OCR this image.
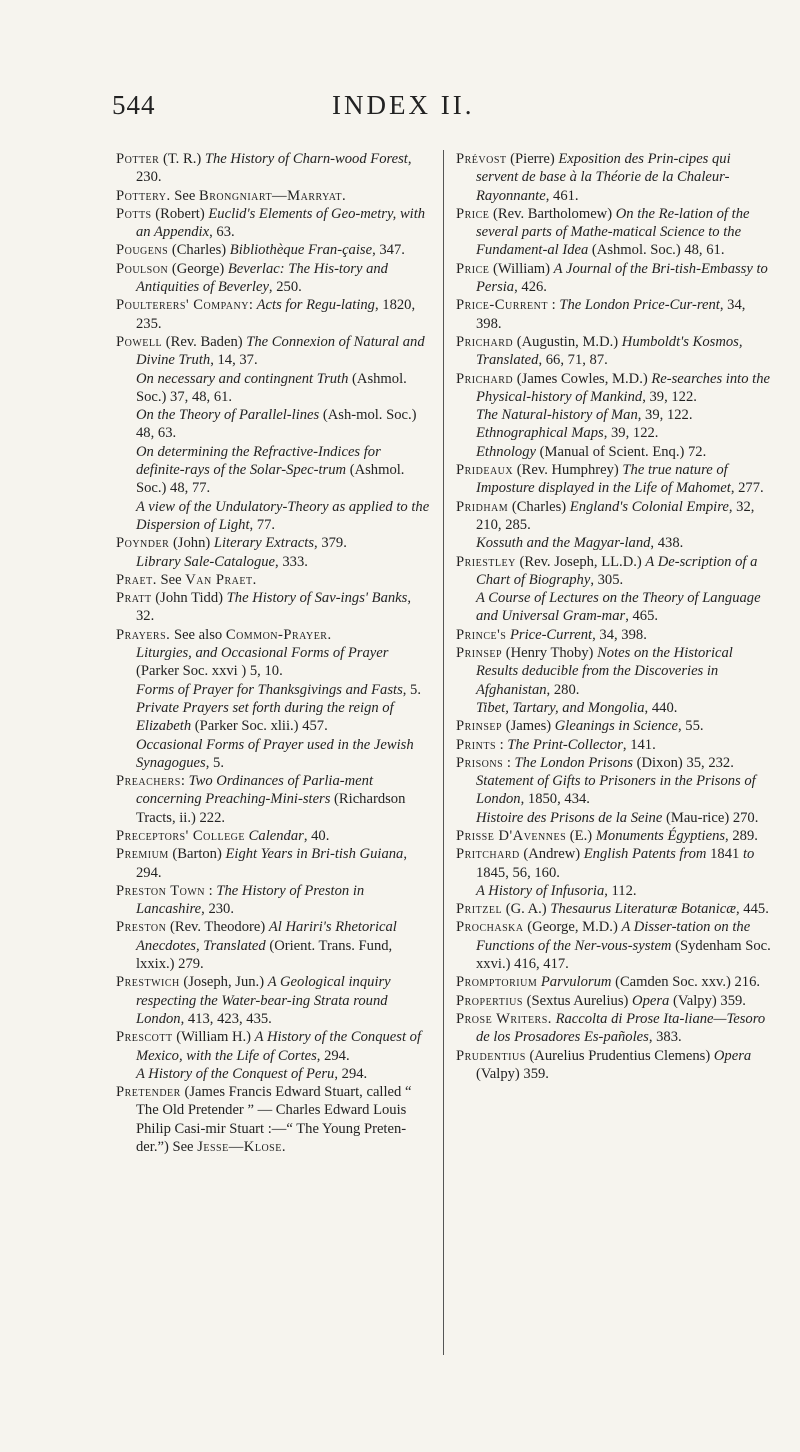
544	INDEX II.

Potter (T. R.) The History of Charn-wood Forest, 230.

Pottery. See Brongniart—Marryat.

Potts (Robert) Euclid's Elements of Geo-metry, with an Appendix, 63.

Pougens (Charles) Bibliothèque Fran-çaise, 347.

Poulson (George) Beverlac: The His-tory and Antiquities of Beverley, 250.

Poulterers' Company: Acts for Regu-lating, 1820, 235.

Powell (Rev. Baden) The Connexion of Natural and Divine Truth, 14, 37.

On necessary and contingnent Truth (Ashmol. Soc.) 37, 48, 61.

On the Theory of Parallel-lines (Ash-mol. Soc.) 48, 63.

On determining the Refractive-Indices for definite-rays of the Solar-Spec-trum (Ashmol. Soc.) 48, 77.

A view of the Undulatory-Theory as applied to the Dispersion of Light, 77.

Poynder (John) Literary Extracts, 379.

Library Sale-Catalogue, 333.

Praet. See Van Praet.

Pratt (John Tidd) The History of Sav-ings' Banks, 32.

Prayers. See also Common-Prayer.

Liturgies, and Occasional Forms of Prayer (Parker Soc. xxvi ) 5, 10.

Forms of Prayer for Thanksgivings and Fasts, 5.

Private Prayers set forth during the reign of Elizabeth (Parker Soc. xlii.) 457.

Occasional Forms of Prayer used in the Jewish Synagogues, 5.

Preachers: Two Ordinances of Parlia-ment concerning Preaching-Mini-sters (Richardson Tracts, ii.) 222.

Preceptors' College Calendar, 40.

Premium (Barton) Eight Years in Bri-tish Guiana, 294.

Preston Town : The History of Preston in Lancashire, 230.

Preston (Rev. Theodore) Al Hariri's Rhetorical Anecdotes, Translated (Orient. Trans. Fund, lxxix.) 279.

Prestwich (Joseph, Jun.) A Geological inquiry respecting the Water-bear-ing Strata round London, 413, 423, 435.

Prescott (William H.) A History of the Conquest of Mexico, with the Life of Cortes, 294.

A History of the Conquest of Peru, 294.

Pretender (James Francis Edward Stuart, called “ The Old Pretender ” — Charles Edward Louis Philip Casi-mir Stuart :—“ The Young Preten-der.”) See Jesse—Klose.

Prévost (Pierre) Exposition des Prin-cipes qui servent de base à la Théorie de la Chaleur-Rayonnante, 461.

Price (Rev. Bartholomew) On the Re-lation of the several parts of Mathe-matical Science to the Fundament-al Idea (Ashmol. Soc.) 48, 61.

Price (William) A Journal of the Bri-tish-Embassy to Persia, 426.

Price-Current : The London Price-Cur-rent, 34, 398.

Prichard (Augustin, M.D.) Humboldt's Kosmos, Translated, 66, 71, 87.

Prichard (James Cowles, M.D.) Re-searches into the Physical-history of Mankind, 39, 122.

The Natural-history of Man, 39, 122.

Ethnographical Maps, 39, 122.

Ethnology (Manual of Scient. Enq.) 72.

Prideaux (Rev. Humphrey) The true nature of Imposture displayed in the Life of Mahomet, 277.

Pridham (Charles) England's Colonial Empire, 32, 210, 285.

Kossuth and the Magyar-land, 438.

Priestley (Rev. Joseph, LL.D.) A De-scription of a Chart of Biography, 305.

A Course of Lectures on the Theory of Language and Universal Gram-mar, 465.

Prince's Price-Current, 34, 398.

Prinsep (Henry Thoby) Notes on the Historical Results deducible from the Discoveries in Afghanistan, 280.

Tibet, Tartary, and Mongolia, 440.

Prinsep (James) Gleanings in Science, 55.

Prints : The Print-Collector, 141.

Prisons : The London Prisons (Dixon) 35, 232.

Statement of Gifts to Prisoners in the Prisons of London, 1850, 434.

Histoire des Prisons de la Seine (Mau-rice) 270.

Prisse D'Avennes (E.) Monuments Égyptiens, 289.

Pritchard (Andrew) English Patents from 1841 to 1845, 56, 160.

A History of Infusoria, 112.

Pritzel (G. A.) Thesaurus Literaturæ Botanicæ, 445.

Prochaska (George, M.D.) A Disser-tation on the Functions of the Ner-vous-system (Sydenham Soc. xxvi.) 416, 417.

Promptorium Parvulorum (Camden Soc. xxv.) 216.

Propertius (Sextus Aurelius) Opera (Valpy) 359.

Prose Writers. Raccolta di Prose Ita-liane—Tesoro de los Prosadores Es-pañoles, 383.

Prudentius (Aurelius Prudentius Clemens) Opera (Valpy) 359.
